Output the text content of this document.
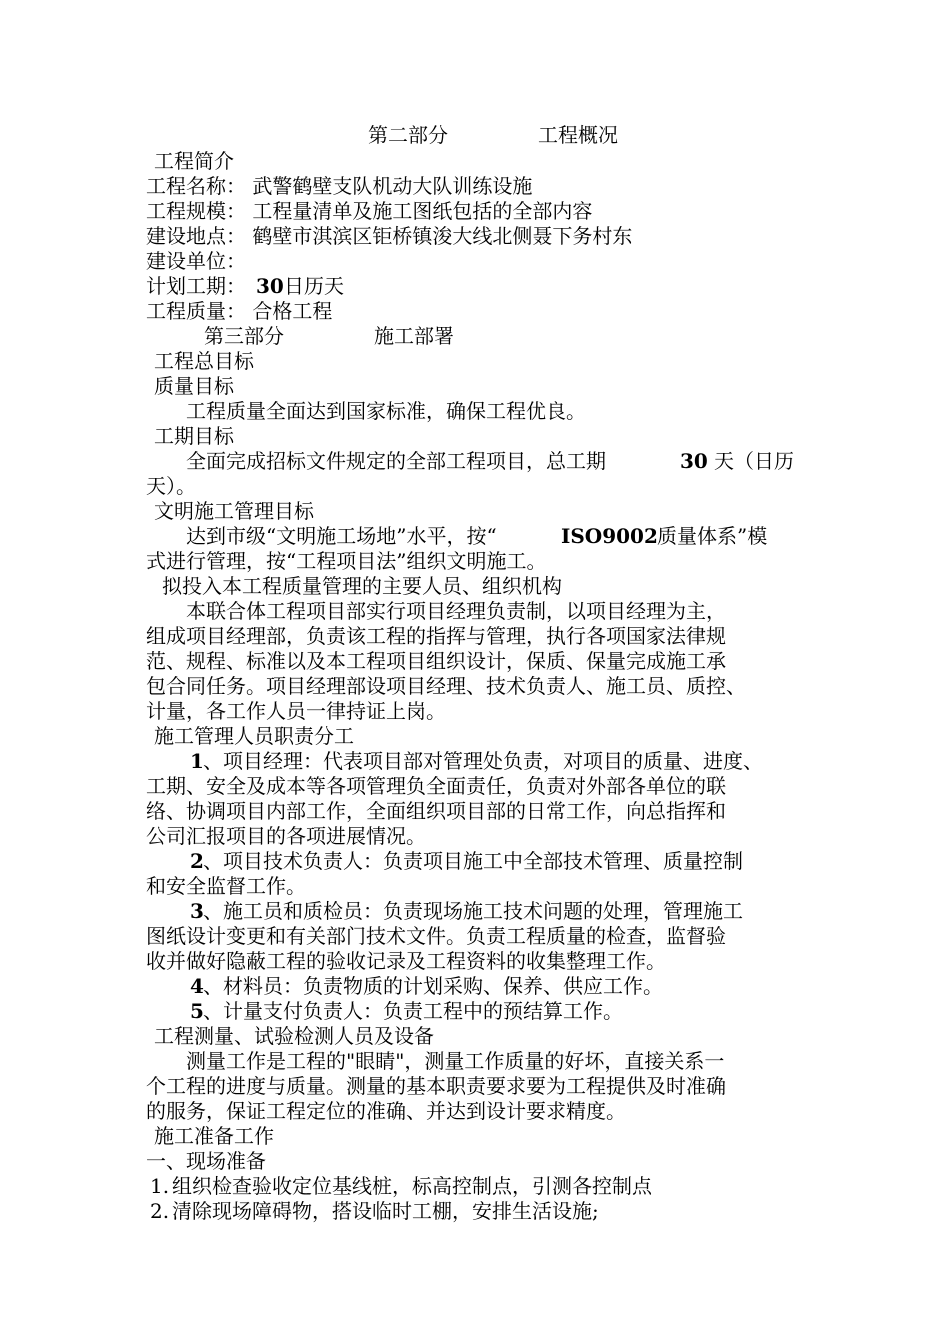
第二部分	工程概况
工程简介
工程名称： 武警鹤壁支队机动大队训练设施
工程规模： 工程量清单及施工图纸包括的全部内容
建设地点： 鹤壁市淇滨区钜桥镇浚大线北侧聂下务村东
建设单位：
计划工期： 30 日历天
工程质量： 合格工程
第三部分	施工部署
工程总目标
质量目标
工程质量全面达到国家标准，确保工程优良。
工期目标
全面完成招标文件规定的全部工程项目，总工期	30 天（日历
天）。
文明施工管理目标
达到市级“文明施工场地”水平，按“	ISO9002 质量体系”模
式进行管理，按“工程项目法”组织文明施工。
拟投入本工程质量管理的主要人员、组织机构
本联合体工程项目部实行项目经理负责制，以项目经理为主，
组成项目经理部，负责该工程的指挥与管理，执行各项国家法律规
范、规程、标准以及本工程项目组织设计，保质、保量完成施工承
包合同任务。项目经理部设项目经理、技术负责人、施工员、质控、
计量，各工作人员一律持证上岗。
施工管理人员职责分工
1 、项目经理：代表项目部对管理处负责，对项目的质量、进度、
工期、安全及成本等各项管理负全面责任，负责对外部各单位的联
络、协调项目内部工作，全面组织项目部的日常工作，向总指挥和
公司汇报项目的各项进展情况。
2 、项目技术负责人：负责项目施工中全部技术管理、质量控制
和安全监督工作。
3 、施工员和质检员：负责现场施工技术问题的处理，管理施工
图纸设计变更和有关部门技术文件。负责工程质量的检查，监督验
收并做好隐蔽工程的验收记录及工程资料的收集整理工作。
4 、材料员：负责物质的计划采购、保养、供应工作。
5 、计量支付负责人：负责工程中的预结算工作。
工程测量、试验检测人员及设备
测量工作是工程的"眼睛"，测量工作质量的好坏，直接关系一
个工程的进度与质量。测量的基本职责要求要为工程提供及时准确
的服务，保证工程定位的准确、并达到设计要求精度。
施工准备工作
一、现场准备
1. 组织检查验收定位基线桩，标高控制点，引测各控制点
2. 清除现场障碍物，搭设临时工棚，安排生活设施;
